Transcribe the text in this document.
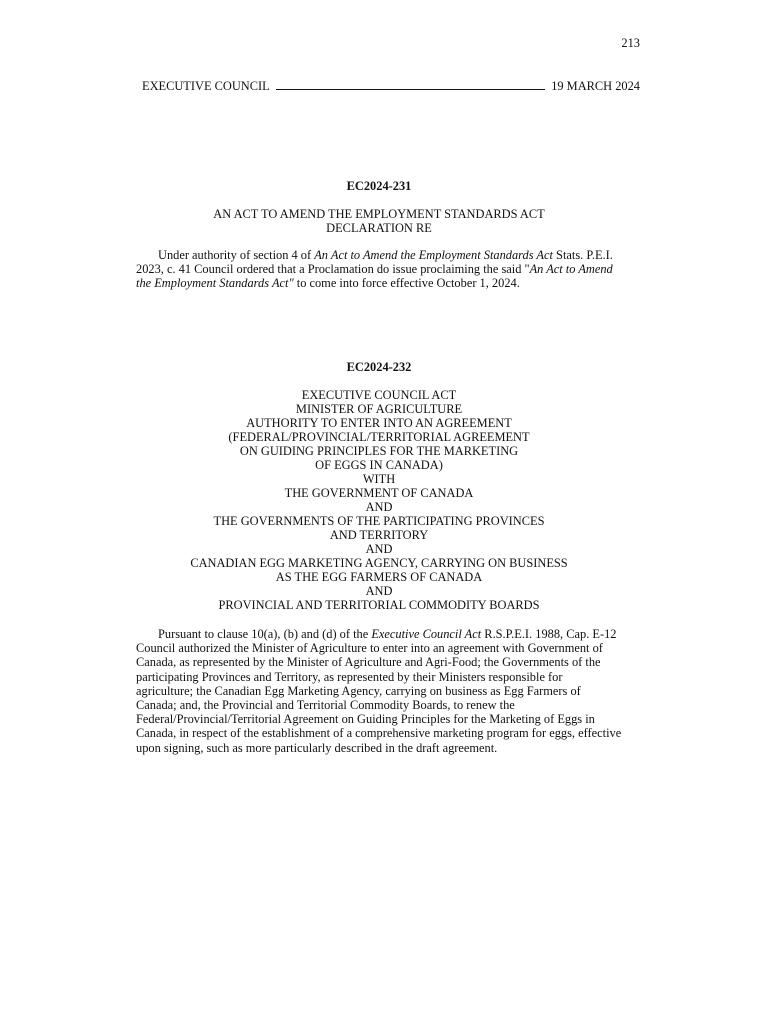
213
EXECUTIVE COUNCIL	19 MARCH 2024
EC2024-231
AN ACT TO AMEND THE EMPLOYMENT STANDARDS ACT
DECLARATION RE
Under authority of section 4 of An Act to Amend the Employment Standards Act Stats. P.E.I. 2023, c. 41 Council ordered that a Proclamation do issue proclaiming the said "An Act to Amend the Employment Standards Act" to come into force effective October 1, 2024.
EC2024-232
EXECUTIVE COUNCIL ACT
MINISTER OF AGRICULTURE
AUTHORITY TO ENTER INTO AN AGREEMENT
(FEDERAL/PROVINCIAL/TERRITORIAL AGREEMENT
ON GUIDING PRINCIPLES FOR THE MARKETING
OF EGGS IN CANADA)
WITH
THE GOVERNMENT OF CANADA
AND
THE GOVERNMENTS OF THE PARTICIPATING PROVINCES
AND TERRITORY
AND
CANADIAN EGG MARKETING AGENCY, CARRYING ON BUSINESS
AS THE EGG FARMERS OF CANADA
AND
PROVINCIAL AND TERRITORIAL COMMODITY BOARDS
Pursuant to clause 10(a), (b) and (d) of the Executive Council Act R.S.P.E.I. 1988, Cap. E-12 Council authorized the Minister of Agriculture to enter into an agreement with Government of Canada, as represented by the Minister of Agriculture and Agri-Food; the Governments of the participating Provinces and Territory, as represented by their Ministers responsible for agriculture; the Canadian Egg Marketing Agency, carrying on business as Egg Farmers of Canada; and, the Provincial and Territorial Commodity Boards, to renew the Federal/Provincial/Territorial Agreement on Guiding Principles for the Marketing of Eggs in Canada, in respect of the establishment of a comprehensive marketing program for eggs, effective upon signing, such as more particularly described in the draft agreement.
